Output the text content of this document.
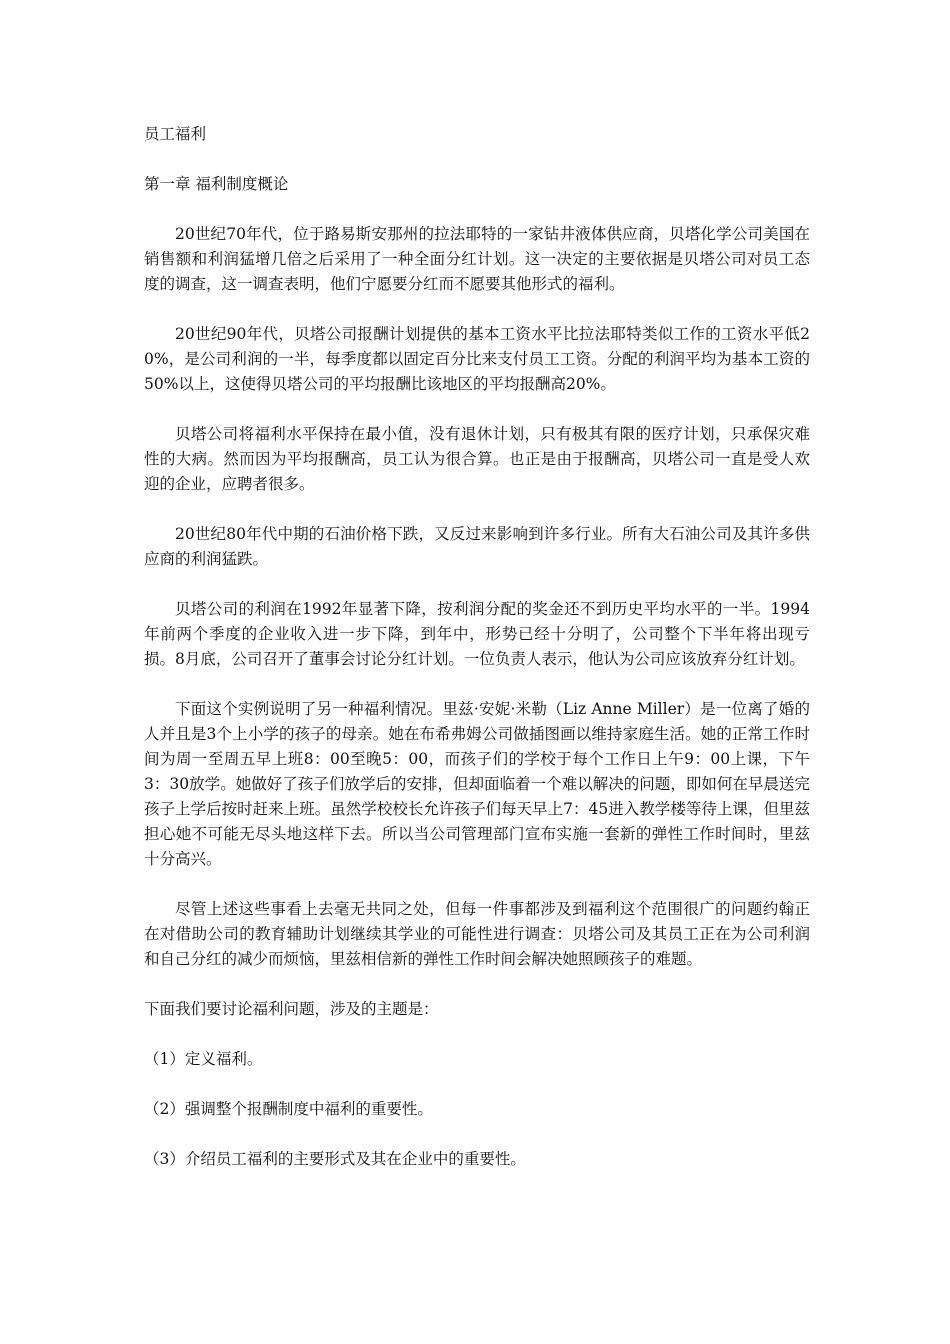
员工福利

第一章 福利制度概论

20世纪70年代，位于路易斯安那州的拉法耶特的一家钻井液体供应商，贝塔化学公司美国在销售额和利润猛增几倍之后采用了一种全面分红计划。这一决定的主要依据是贝塔公司对员工态度的调查，这一调查表明，他们宁愿要分红而不愿要其他形式的福利。

20世纪90年代，贝塔公司报酬计划提供的基本工资水平比拉法耶特类似工作的工资水平低20%，是公司利润的一半，每季度都以固定百分比来支付员工工资。分配的利润平均为基本工资的50%以上，这使得贝塔公司的平均报酬比该地区的平均报酬高20%。

贝塔公司将福利水平保持在最小值，没有退休计划，只有极其有限的医疗计划，只承保灾难性的大病。然而因为平均报酬高，员工认为很合算。也正是由于报酬高，贝塔公司一直是受人欢迎的企业，应聘者很多。

20世纪80年代中期的石油价格下跌，又反过来影响到许多行业。所有大石油公司及其许多供应商的利润猛跌。

贝塔公司的利润在1992年显著下降，按利润分配的奖金还不到历史平均水平的一半。1994年前两个季度的企业收入进一步下降，到年中，形势已经十分明了，公司整个下半年将出现亏损。8月底，公司召开了董事会讨论分红计划。一位负责人表示，他认为公司应该放弃分红计划。

下面这个实例说明了另一种福利情况。里兹·安妮·米勒（Liz Anne Miller）是一位离了婚的人并且是3个上小学的孩子的母亲。她在布希弗姆公司做插图画以维持家庭生活。她的正常工作时间为周一至周五早上班8：00至晚5：00，而孩子们的学校于每个工作日上午9：00上课，下午3：30放学。她做好了孩子们放学后的安排，但却面临着一个难以解决的问题，即如何在早晨送完孩子上学后按时赶来上班。虽然学校校长允许孩子们每天早上7：45进入教学楼等待上课，但里兹担心她不可能无尽头地这样下去。所以当公司管理部门宣布实施一套新的弹性工作时间时，里兹十分高兴。

尽管上述这些事看上去毫无共同之处，但每一件事都涉及到福利这个范围很广的问题约翰正在对借助公司的教育辅助计划继续其学业的可能性进行调查：贝塔公司及其员工正在为公司利润和自己分红的减少而烦恼，里兹相信新的弹性工作时间会解决她照顾孩子的难题。

下面我们要讨论福利问题，涉及的主题是：

（1）定义福利。

（2）强调整个报酬制度中福利的重要性。

（3）介绍员工福利的主要形式及其在企业中的重要性。
